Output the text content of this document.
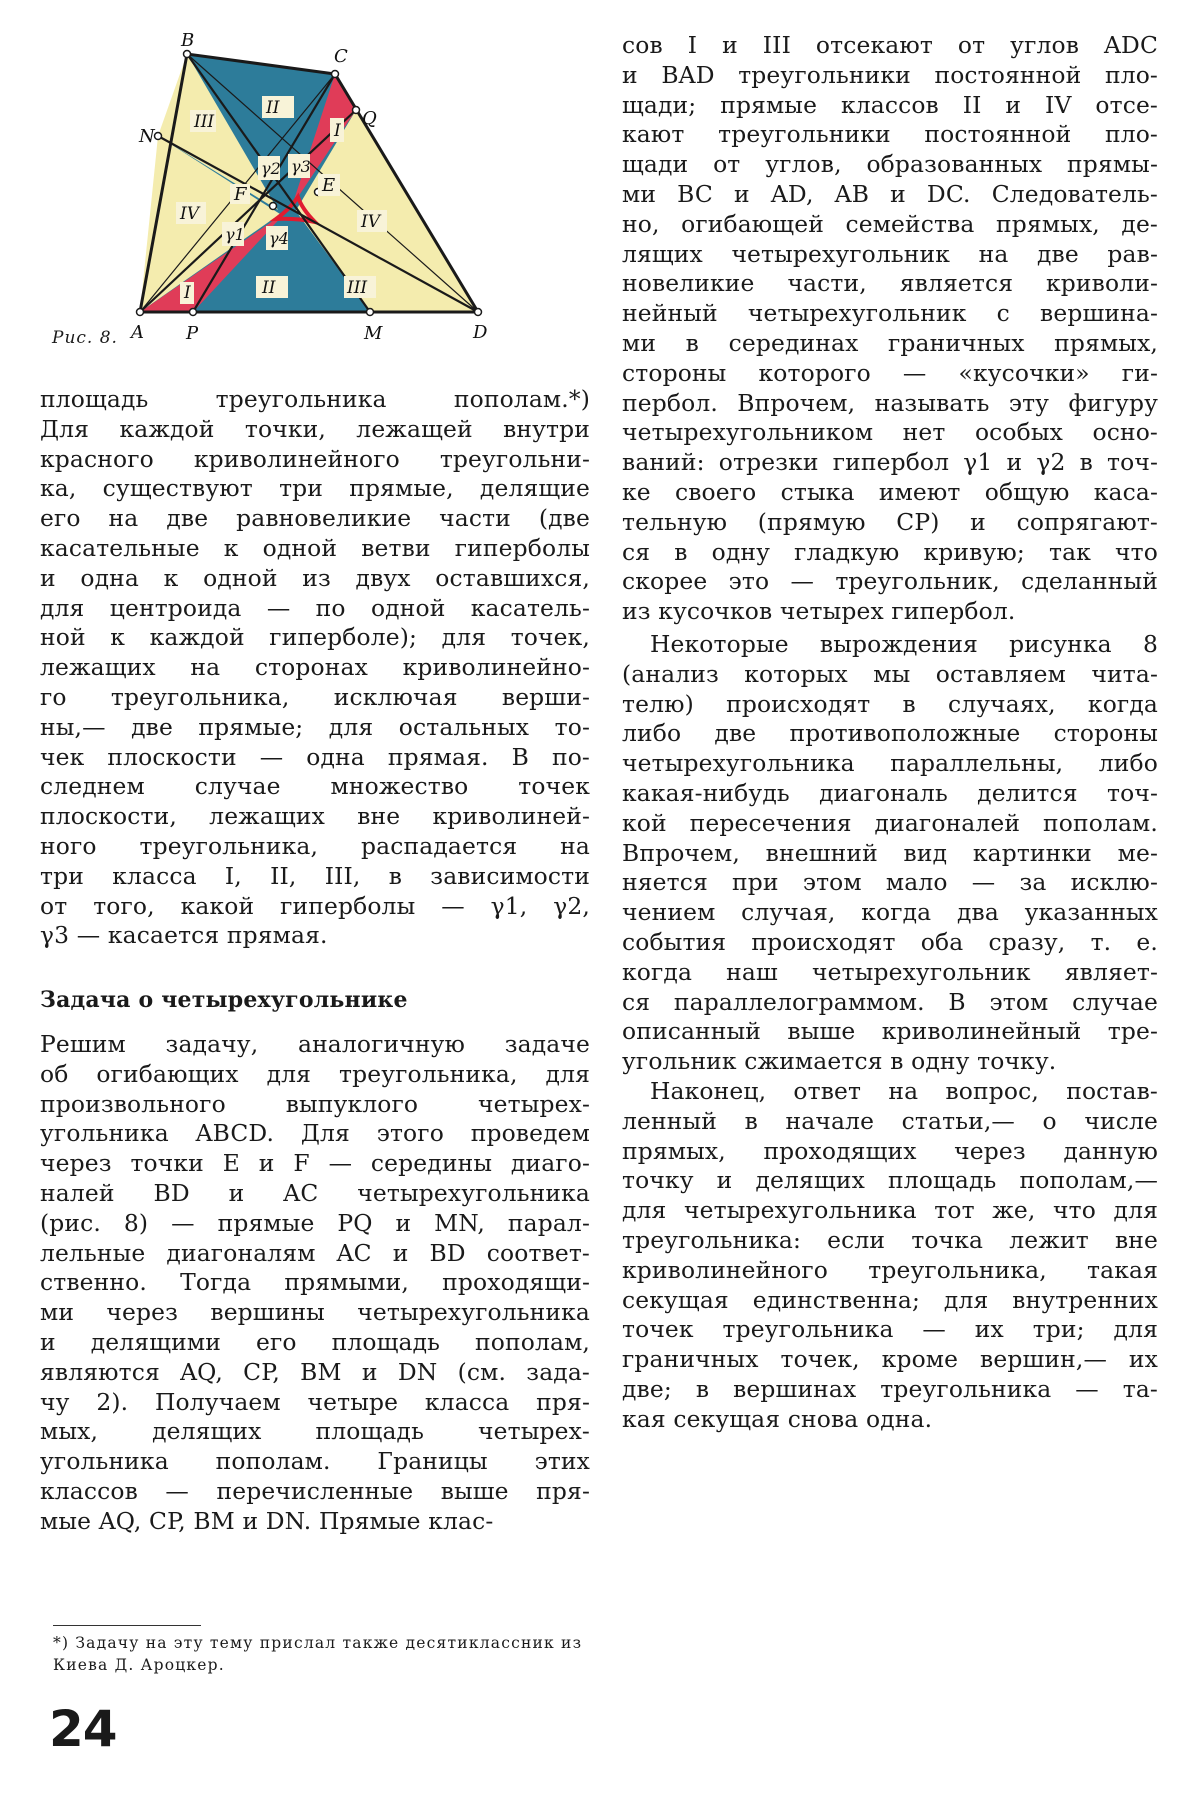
B
C
A	D
N
Q
P	M
E
F
III
II
I
IV	IV
I	II	III
γ2 γ3
γ1 γ4
Рис. 8.
площадь треугольника пополам.*)
Для каждой точки, лежащей внутри
красного криволинейного треугольни-
ка, существуют три прямые, делящие
его на две равновеликие части (две
касательные к одной ветви гиперболы
и одна к одной из двух оставшихся,
для центроида — по одной касатель-
ной к каждой гиперболе); для точек,
лежащих на сторонах криволинейно-
го треугольника, исключая верши-
ны,— две прямые; для остальных то-
чек плоскости — одна прямая. В по-
следнем случае множество точек
плоскости, лежащих вне криволиней-
ного треугольника, распадается на
три класса I, II, III, в зависимости
от того, какой гиперболы — γ1, γ2,
γ3 — касается прямая.
Решим задачу, аналогичную задаче
об огибающих для треугольника, для
произвольного выпуклого четырех-
угольника ABCD. Для этого проведем
через точки E и F — середины диаго-
налей BD и AC четырехугольника
(рис. 8) — прямые PQ и MN, парал-
лельные диагоналям AC и BD соответ-
ственно. Тогда прямыми, проходящи-
ми через вершины четырехугольника
и делящими его площадь пополам,
являются AQ, CP, BM и DN (см. зада-
чу 2). Получаем четыре класса пря-
мых, делящих площадь четырех-
угольника пополам. Границы этих
классов — перечисленные выше пря-
мые AQ, CP, BM и DN. Прямые клас-
Задача о четырехугольнике
сов I и III отсекают от углов ADC
и BAD треугольники постоянной пло-
щади; прямые классов II и IV отсе-
кают треугольники постоянной пло-
щади от углов, образованных прямы-
ми BC и AD, AB и DC. Следователь-
но, огибающей семейства прямых, де-
лящих четырехугольник на две рав-
новеликие части, является криволи-
нейный четырехугольник с вершина-
ми в серединах граничных прямых,
стороны которого — «кусочки» ги-
пербол. Впрочем, называть эту фигуру
четырехугольником нет особых осно-
ваний: отрезки гипербол γ1 и γ2 в точ-
ке своего стыка имеют общую каса-
тельную (прямую CP) и сопрягают-
ся в одну гладкую кривую; так что
скорее это — треугольник, сделанный
из кусочков четырех гипербол.
Некоторые вырождения рисунка 8
(анализ которых мы оставляем чита-
телю) происходят в случаях, когда
либо две противоположные стороны
четырехугольника параллельны, либо
какая-нибудь диагональ делится точ-
кой пересечения диагоналей пополам.
Впрочем, внешний вид картинки ме-
няется при этом мало — за исклю-
чением случая, когда два указанных
события происходят оба сразу, т. е.
когда наш четырехугольник являет-
ся параллелограммом. В этом случае
описанный выше криволинейный тре-
угольник сжимается в одну точку.
Наконец, ответ на вопрос, постав-
ленный в начале статьи,— о числе
прямых, проходящих через данную
точку и делящих площадь пополам,—
для четырехугольника тот же, что для
треугольника: если точка лежит вне
криволинейного треугольника, такая
секущая единственна; для внутренних
точек треугольника — их три; для
граничных точек, кроме вершин,— их
две; в вершинах треугольника — та-
кая секущая снова одна.
*) Задачу на эту тему прислал также десятиклассник из Киева Д. Ароцкер.
24
